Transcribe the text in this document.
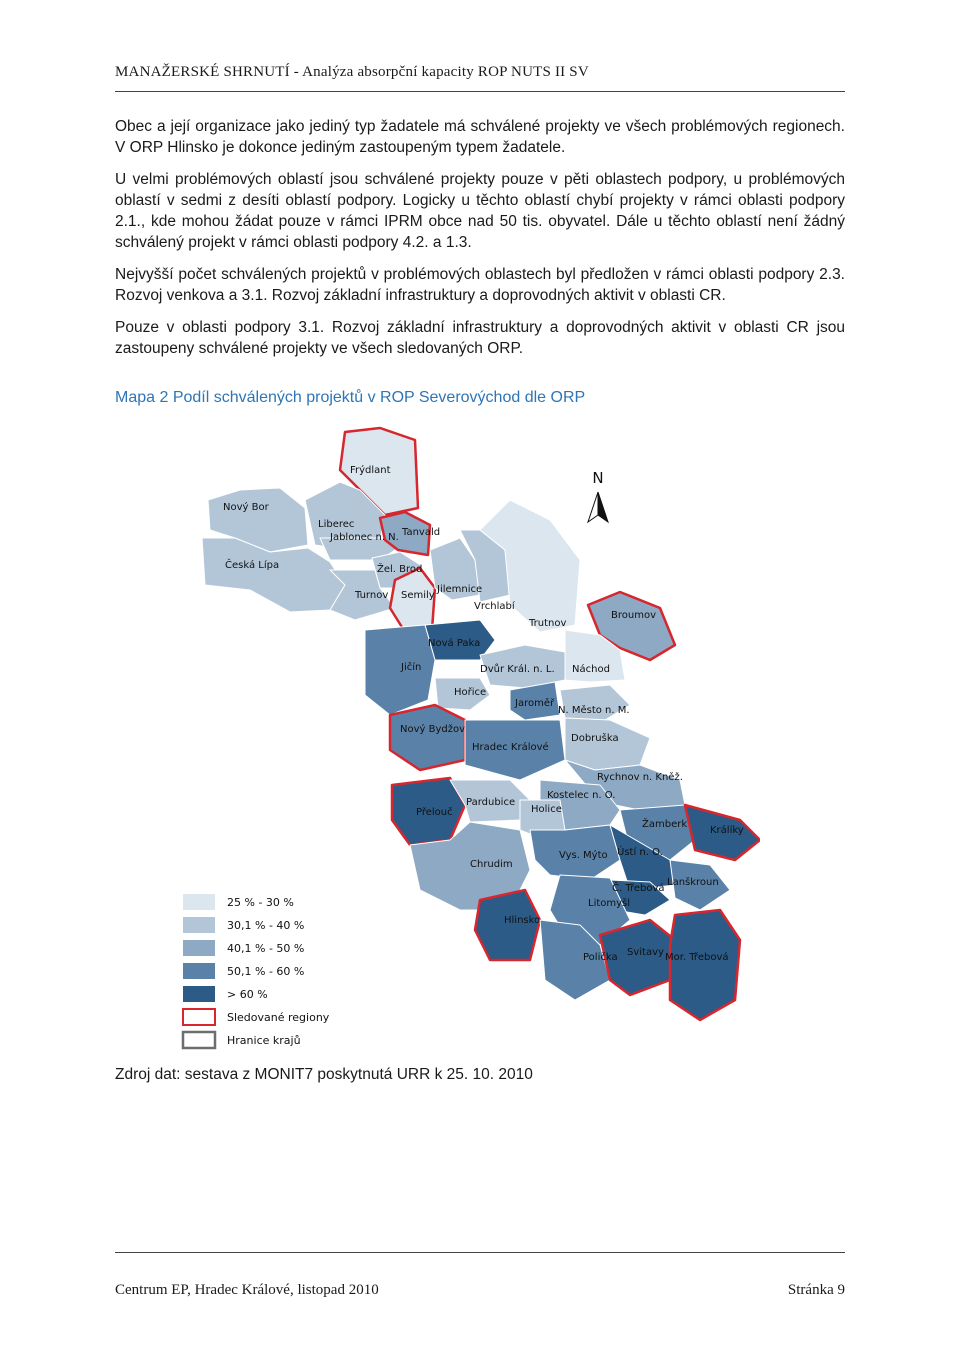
MANAŽERSKÉ SHRNUTÍ - Analýza absorpční kapacity ROP NUTS II SV

Obec a její organizace jako jediný typ žadatele má schválené projekty ve všech problémových regionech. V ORP Hlinsko je dokonce jediným zastoupeným typem žadatele.

U velmi problémových oblastí jsou schválené projekty pouze v pěti oblastech podpory, u problémových oblastí v sedmi z desíti oblastí podpory. Logicky u těchto oblastí chybí projekty v rámci oblasti podpory 2.1., kde mohou žádat pouze v rámci IPRM obce nad 50 tis. obyvatel. Dále u těchto oblastí není žádný schválený projekt v rámci oblasti podpory 4.2. a 1.3.

Nejvyšší počet schválených projektů v problémových oblastech byl předložen v rámci oblasti podpory 2.3. Rozvoj venkova a 3.1. Rozvoj základní infrastruktury a doprovodných aktivit v oblasti CR.

Pouze v oblasti podpory 3.1. Rozvoj základní infrastruktury a doprovodných aktivit v oblasti CR jsou zastoupeny schválené projekty ve všech sledovaných ORP.

Mapa 2 Podíl schválených projektů v ROP Severovýchod dle ORP
Frýdlant
Nový Bor
Liberec
Jablonec n. N. Tanvald
Česká Lípa	Žel. Brod
Turnov Semily
Jilemnice
Vrchlabí
Trutnov
Broumov
Nová Paka
Jičín	Dvůr Král. n. L. Náchod
Hořice
Jaroměř
N. Město n. M.
Nový Bydžov
Hradec Králové
Dobruška
Rychnov n. Kněž.
Přelouč
Pardubice
Kostelec n. O.
Holice
Žamberk
Králíky
Chrudim
Vys. Mýto Ústí n. O.
Č. Třebová
Lanškroun
Litomyšl
Hlinsko
Polička Svitavy Mor. Třebová
N
25 % - 30 %
30,1 % - 40 %
40,1 % - 50 %
50,1 % - 60 %
> 60 %
Sledované regiony
Hranice krajů
Zdroj dat: sestava z MONIT7 poskytnutá URR k 25. 10. 2010
Centrum EP, Hradec Králové, listopad 2010	Stránka 9
